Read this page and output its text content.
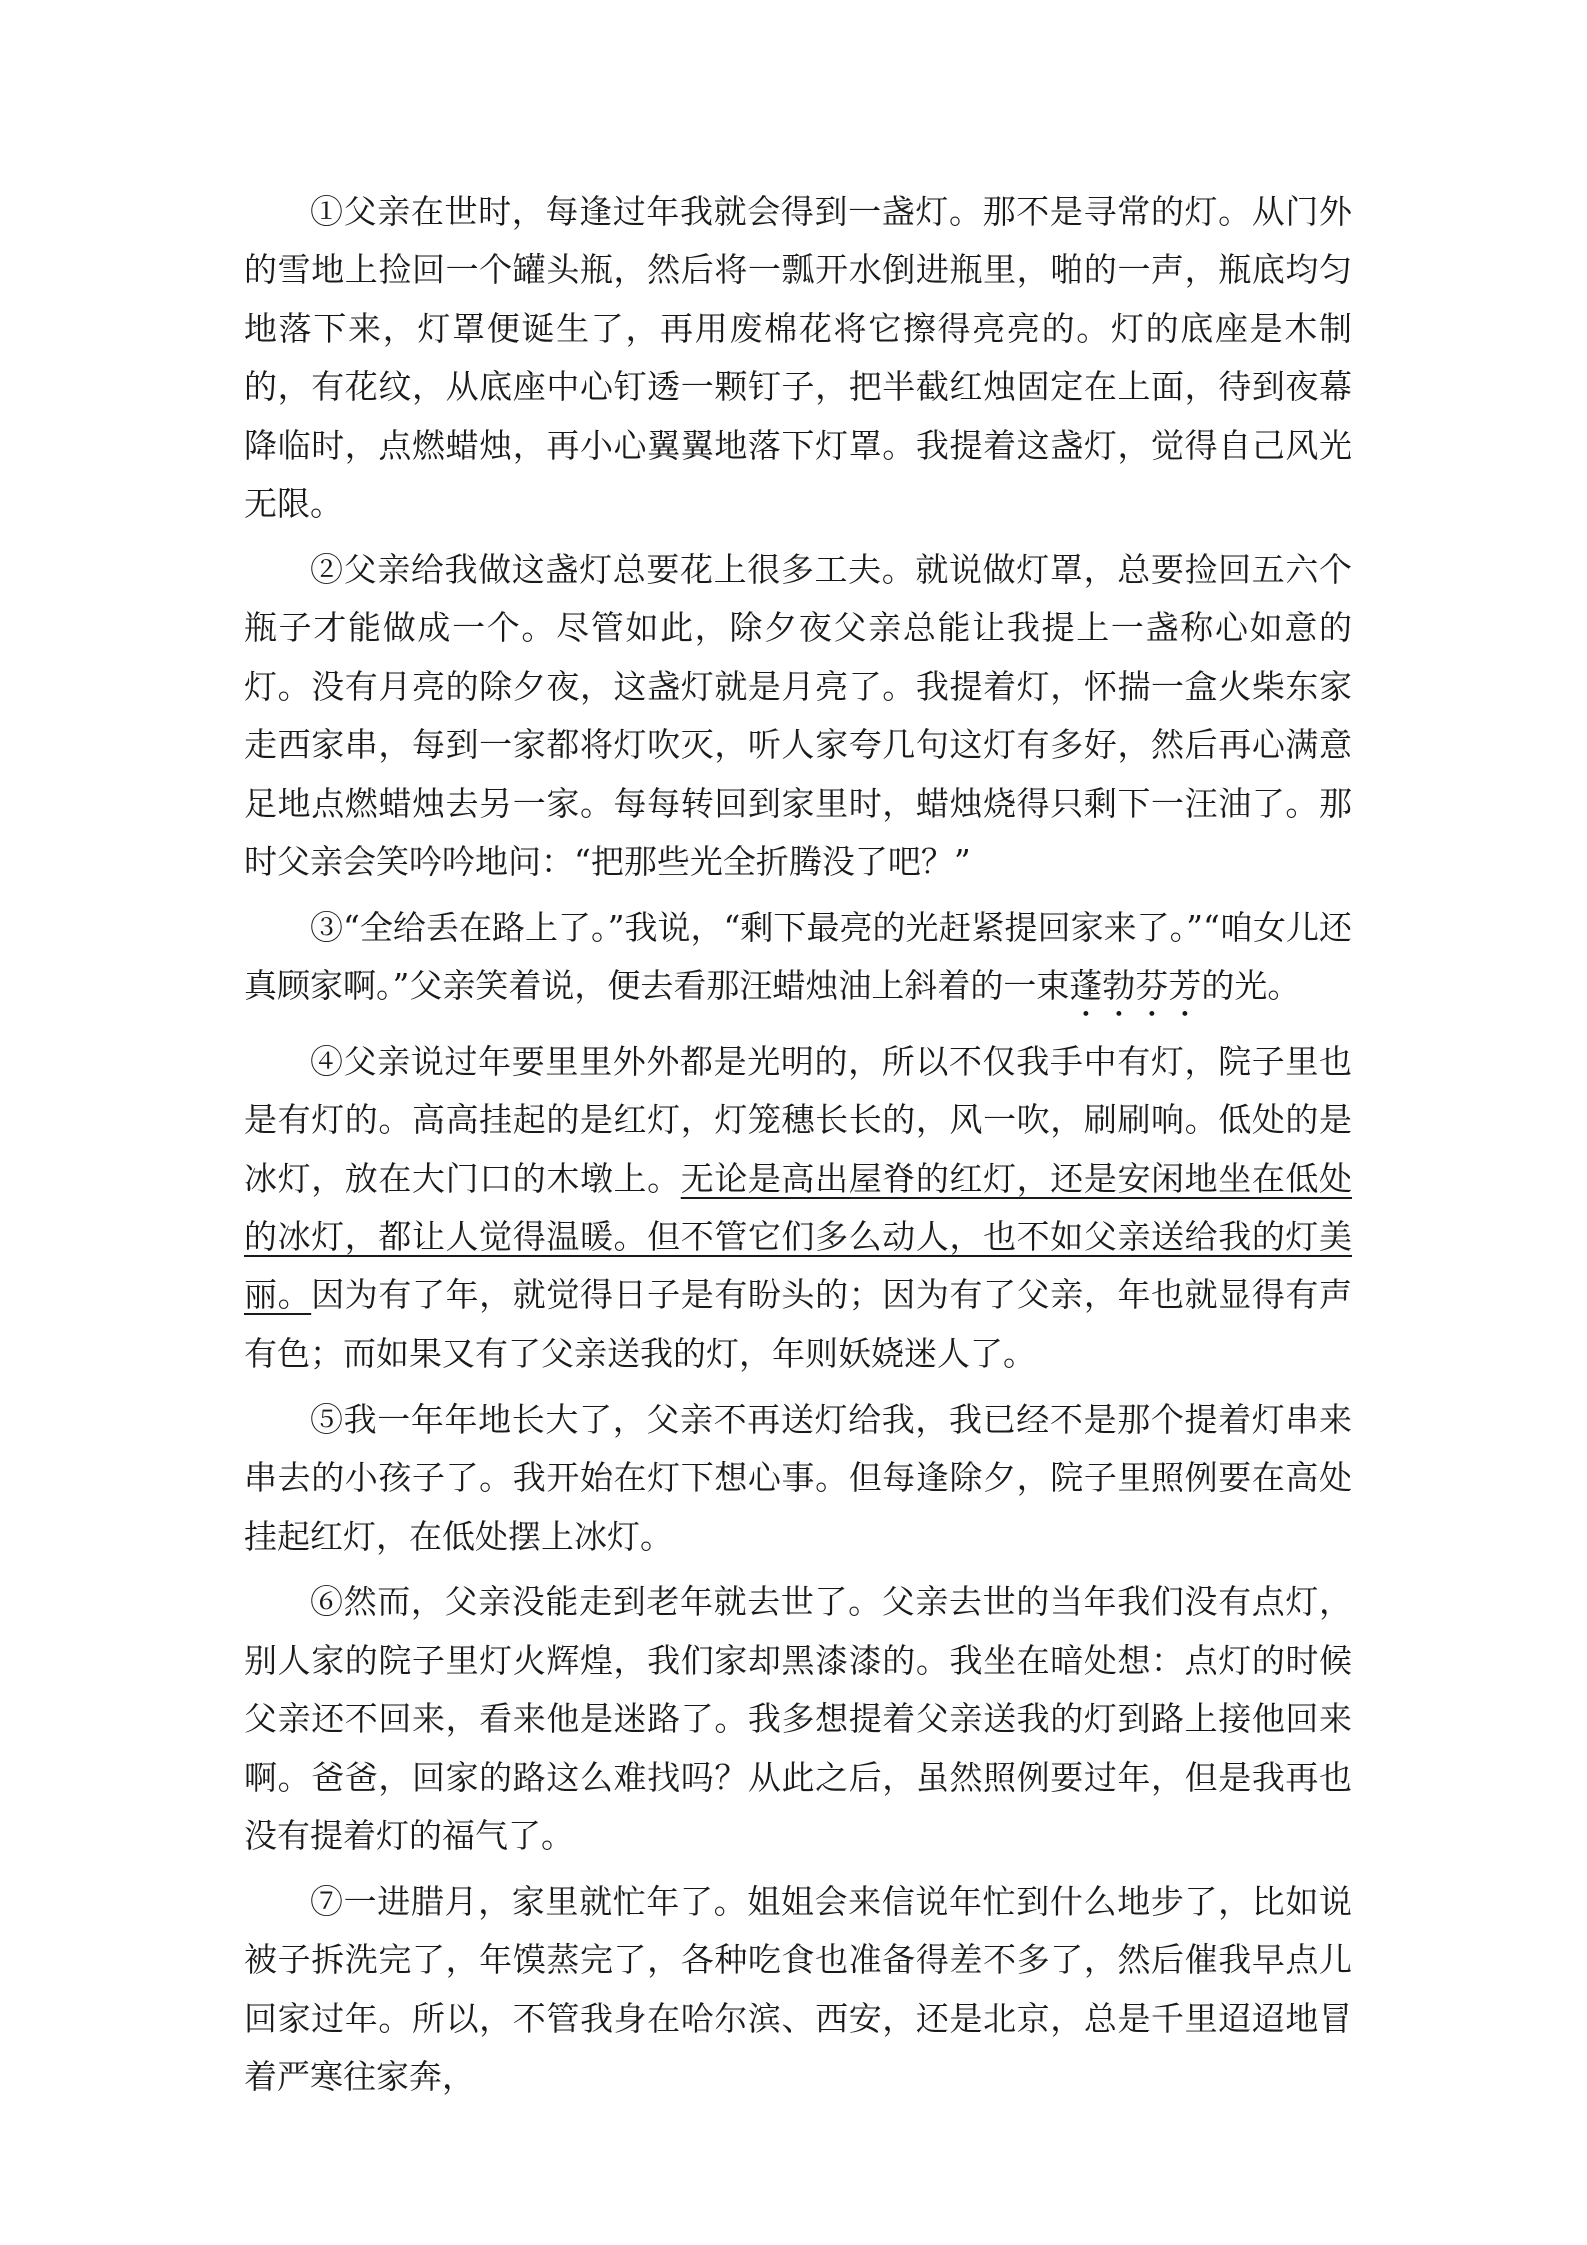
①父亲在世时，每逢过年我就会得到一盏灯。那不是寻常的灯。从门外的雪地上捡回一个罐头瓶，然后将一瓢开水倒进瓶里，啪的一声，瓶底均匀地落下来，灯罩便诞生了，再用废棉花将它擦得亮亮的。灯的底座是木制的，有花纹，从底座中心钉透一颗钉子，把半截红烛固定在上面，待到夜幕降临时，点燃蜡烛，再小心翼翼地落下灯罩。我提着这盏灯，觉得自己风光无限。

②父亲给我做这盏灯总要花上很多工夫。就说做灯罩，总要捡回五六个瓶子才能做成一个。尽管如此，除夕夜父亲总能让我提上一盏称心如意的灯。没有月亮的除夕夜，这盏灯就是月亮了。我提着灯，怀揣一盒火柴东家走西家串，每到一家都将灯吹灭，听人家夸几句这灯有多好，然后再心满意足地点燃蜡烛去另一家。每每转回到家里时，蜡烛烧得只剩下一汪油了。那时父亲会笑吟吟地问：“把那些光全折腾没了吧？”

③“全给丢在路上了。”我说，“剩下最亮的光赶紧提回家来了。”“咱女儿还真顾家啊。”父亲笑着说，便去看那汪蜡烛油上斜着的一束蓬勃芬芳的光。

④父亲说过年要里里外外都是光明的，所以不仅我手中有灯，院子里也是有灯的。高高挂起的是红灯，灯笼穗长长的，风一吹，刷刷响。低处的是冰灯，放在大门口的木墩上。无论是高出屋脊的红灯，还是安闲地坐在低处的冰灯，都让人觉得温暖。但不管它们多么动人，也不如父亲送给我的灯美丽。因为有了年，就觉得日子是有盼头的；因为有了父亲，年也就显得有声有色；而如果又有了父亲送我的灯，年则妖娆迷人了。

⑤我一年年地长大了，父亲不再送灯给我，我已经不是那个提着灯串来串去的小孩子了。我开始在灯下想心事。但每逢除夕，院子里照例要在高处挂起红灯，在低处摆上冰灯。

⑥然而，父亲没能走到老年就去世了。父亲去世的当年我们没有点灯，别人家的院子里灯火辉煌，我们家却黑漆漆的。我坐在暗处想：点灯的时候父亲还不回来，看来他是迷路了。我多想提着父亲送我的灯到路上接他回来啊。爸爸，回家的路这么难找吗？从此之后，虽然照例要过年，但是我再也没有提着灯的福气了。

⑦一进腊月，家里就忙年了。姐姐会来信说年忙到什么地步了，比如说被子拆洗完了，年馍蒸完了，各种吃食也准备得差不多了，然后催我早点儿回家过年。所以，不管我身在哈尔滨、西安，还是北京，总是千里迢迢地冒着严寒往家奔，
